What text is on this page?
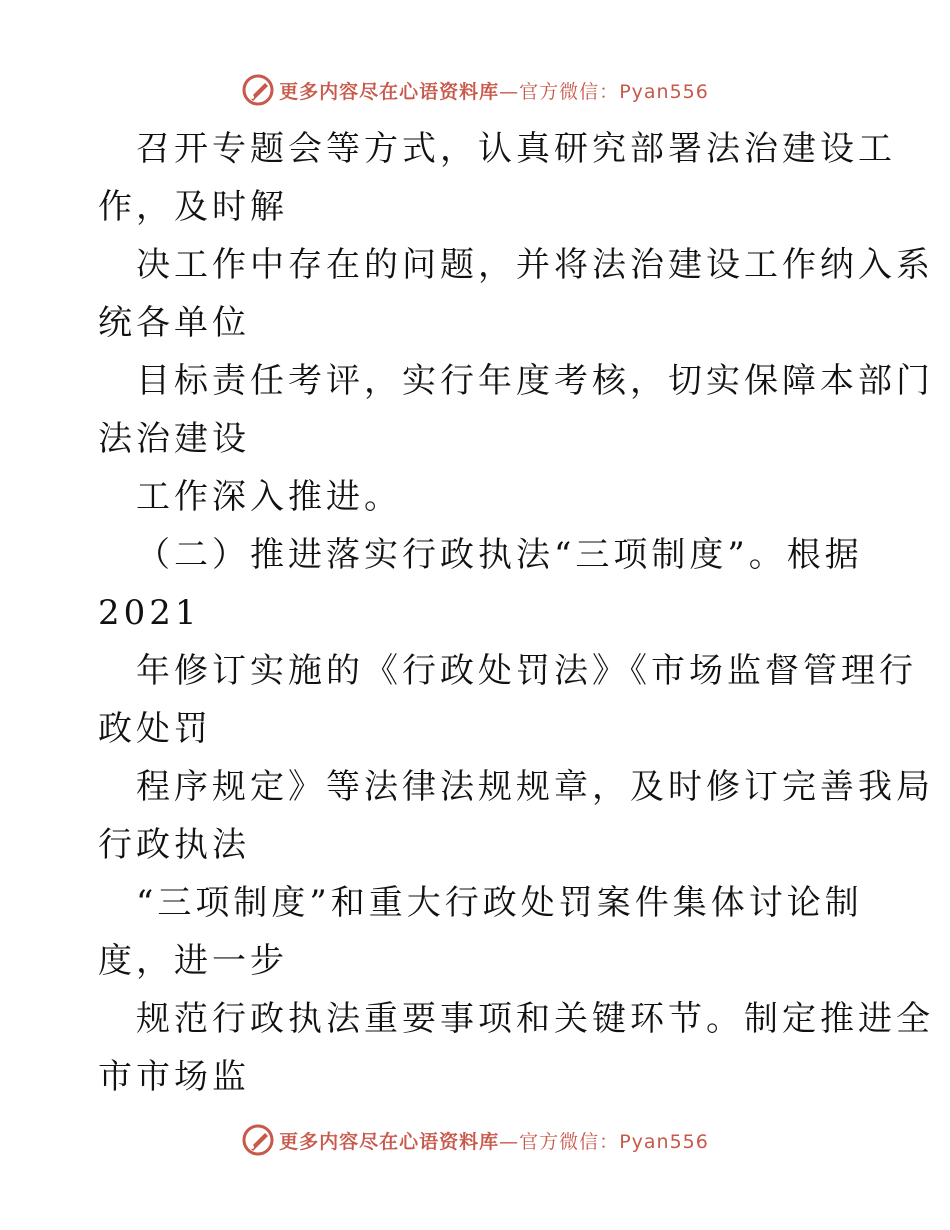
更多内容尽在心语资料库—官方微信：Pyan556
召开专题会等方式，认真研究部署法治建设工
作，及时解
决工作中存在的问题，并将法治建设工作纳入系
统各单位
目标责任考评，实行年度考核，切实保障本部门
法治建设
工作深入推进。
（二）推进落实行政执法“三项制度”。根据
2021
年修订实施的《行政处罚法》《市场监督管理行
政处罚
程序规定》等法律法规规章，及时修订完善我局
行政执法
“三项制度”和重大行政处罚案件集体讨论制
度，进一步
规范行政执法重要事项和关键环节。制定推进全
市市场监
更多内容尽在心语资料库—官方微信：Pyan556
